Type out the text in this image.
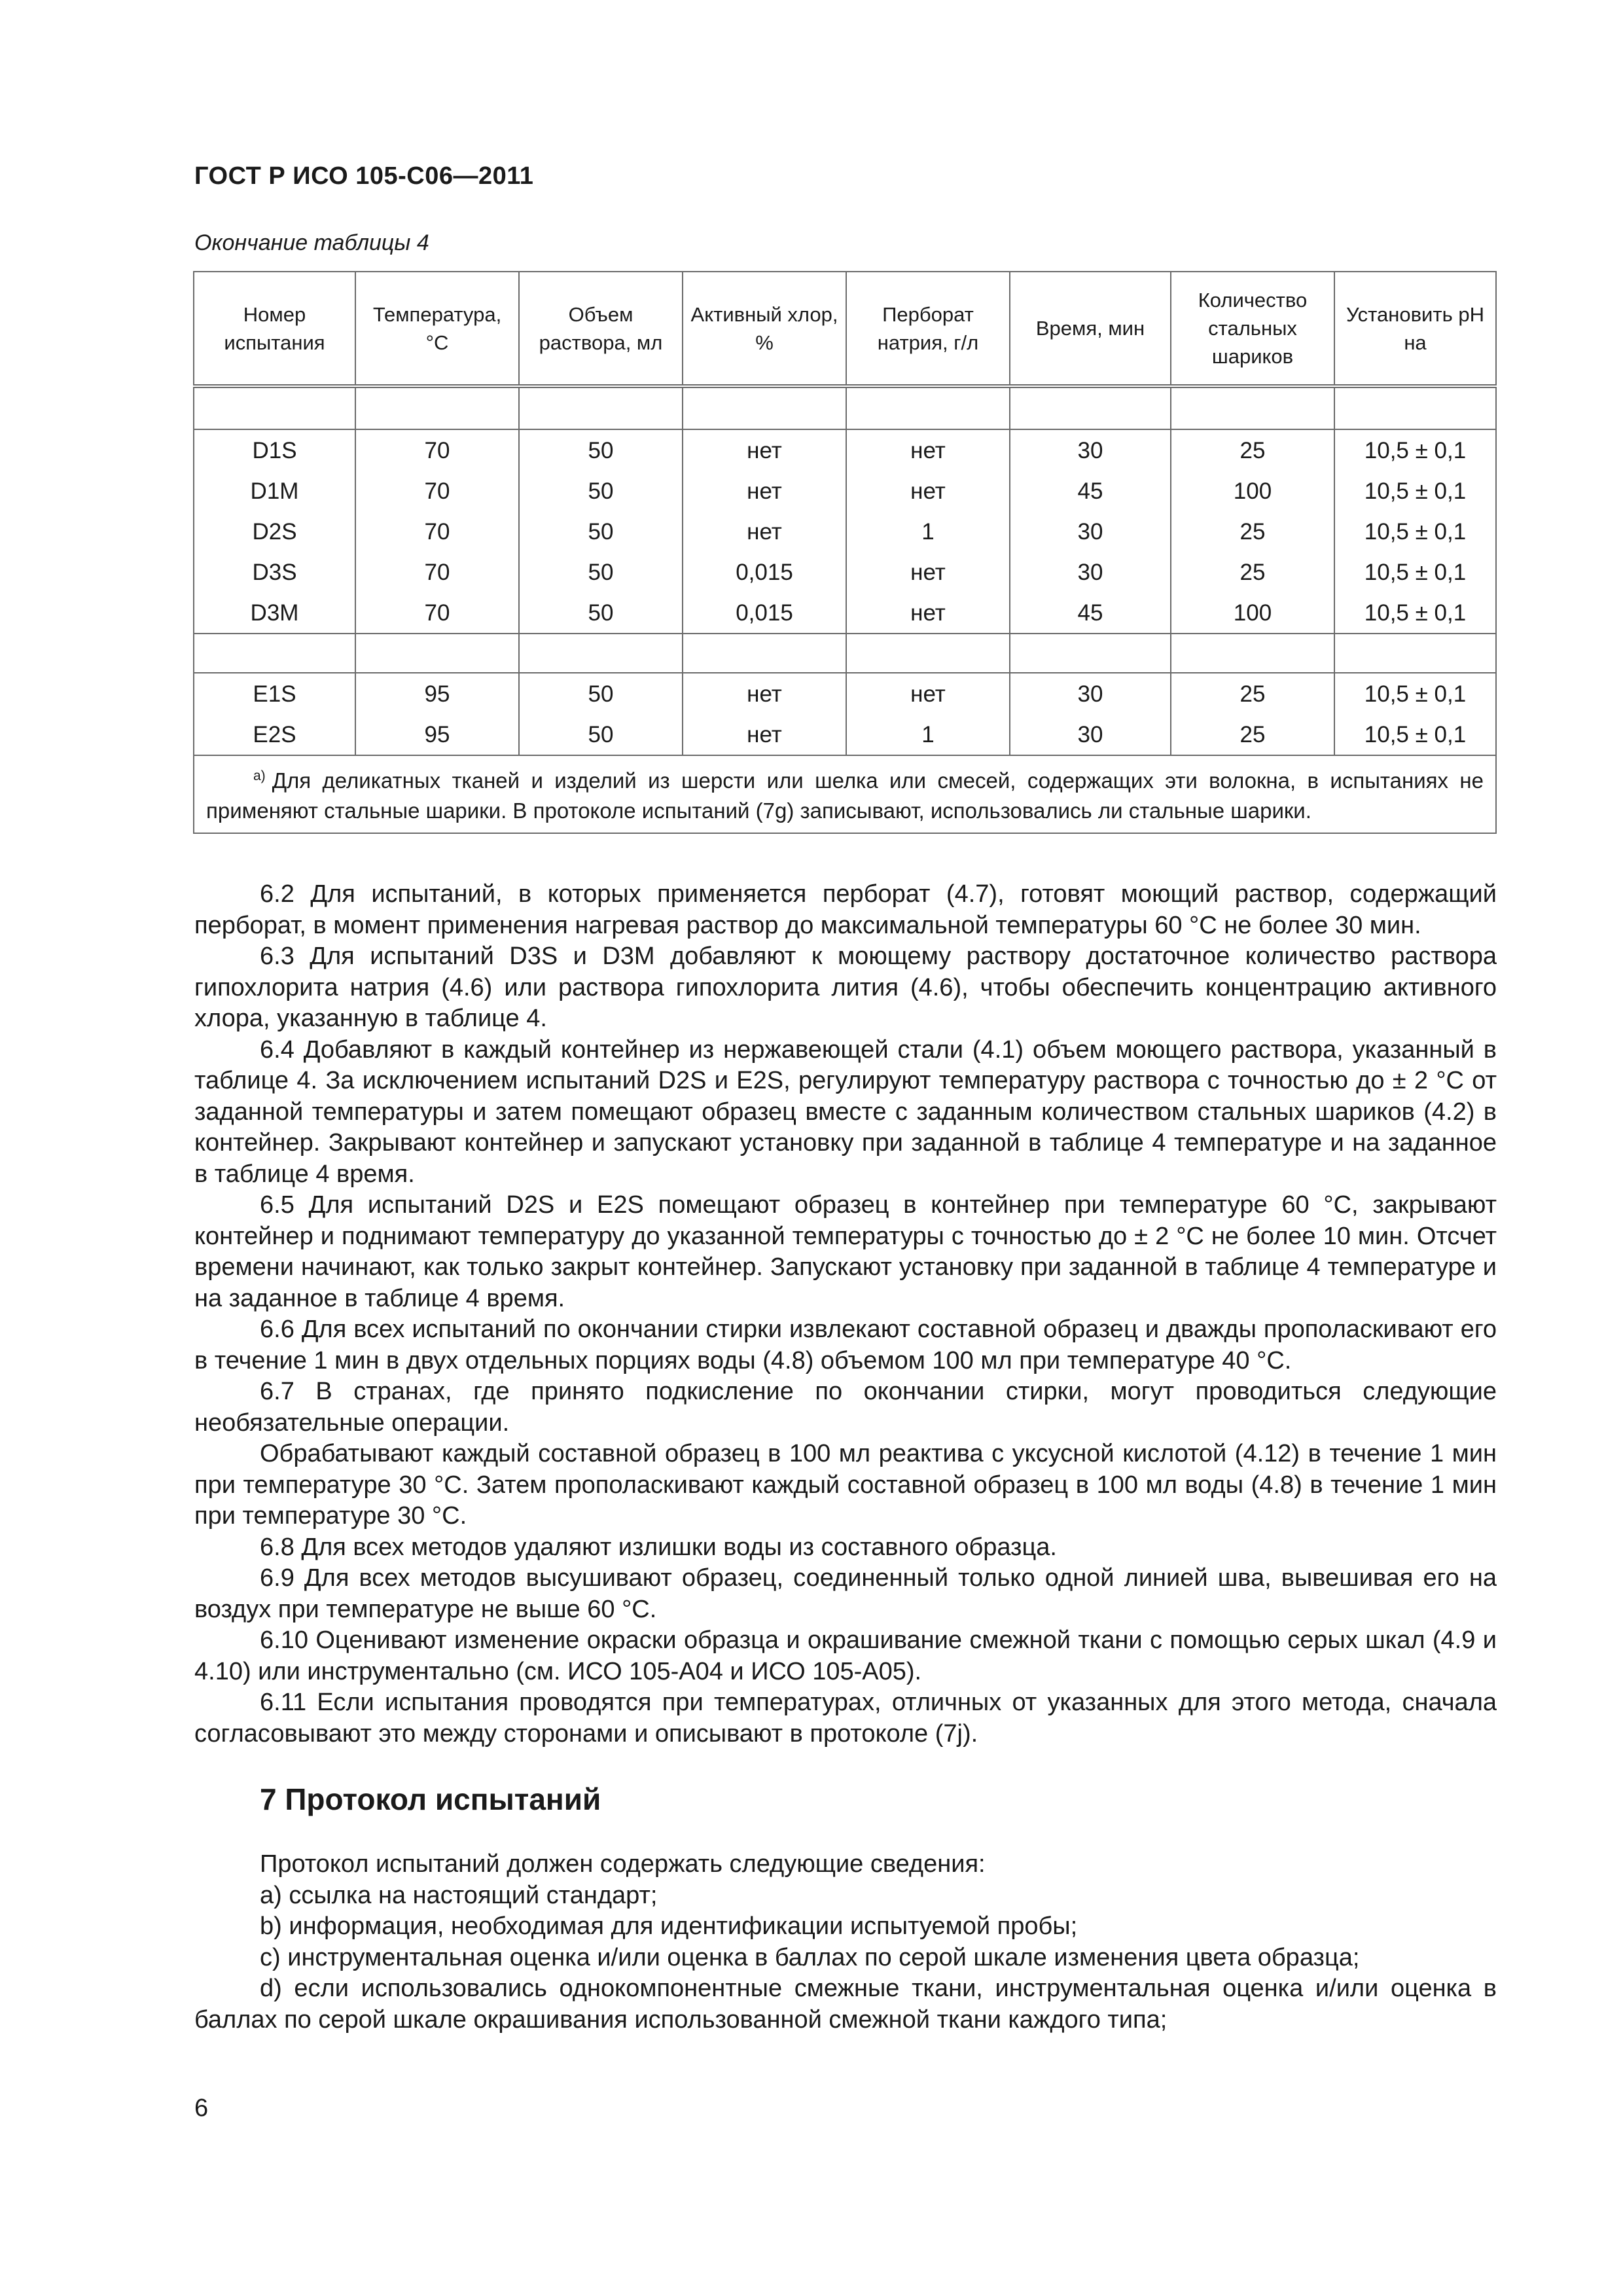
ГОСТ Р ИСО 105-С06—2011
Окончание таблицы 4
Номер испытания	Температура, °С	Объем раствора, мл	Активный хлор, %	Перборат натрия, г/л	Время, мин	Количество стальных шариков	Установить pH на

D1S	70	50	нет	нет	30	25	10,5 ± 0,1
D1M	70	50	нет	нет	45	100	10,5 ± 0,1
D2S	70	50	нет	1	30	25	10,5 ± 0,1
D3S	70	50	0,015	нет	30	25	10,5 ± 0,1
D3M	70	50	0,015	нет	45	100	10,5 ± 0,1

E1S	95	50	нет	нет	30	25	10,5 ± 0,1
E2S	95	50	нет	1	30	25	10,5 ± 0,1
$^{а)}$ Для деликатных тканей и изделий из шерсти или шелка или смесей, содержащих эти волокна, в испытаниях не применяют стальные шарики. В протоколе испытаний (7g) записывают, использовались ли стальные шарики.							

6.2 Для испытаний, в которых применяется перборат (4.7), готовят моющий раствор, содержащий перборат, в момент применения нагревая раствор до максимальной температуры 60 °С не более 30 мин.

6.3 Для испытаний D3S и D3M добавляют к моющему раствору достаточное количество раствора гипохлорита натрия (4.6) или раствора гипохлорита лития (4.6), чтобы обеспечить концентрацию активного хлора, указанную в таблице 4.

6.4 Добавляют в каждый контейнер из нержавеющей стали (4.1) объем моющего раствора, указанный в таблице 4. За исключением испытаний D2S и E2S, регулируют температуру раствора с точностью до ± 2 °С от заданной температуры и затем помещают образец вместе с заданным количеством стальных шариков (4.2) в контейнер. Закрывают контейнер и запускают установку при заданной в таблице 4 температуре и на заданное в таблице 4 время.

6.5 Для испытаний D2S и E2S помещают образец в контейнер при температуре 60 °С, закрывают контейнер и поднимают температуру до указанной температуры с точностью до ± 2 °С не более 10 мин. Отсчет времени начинают, как только закрыт контейнер. Запускают установку при заданной в таблице 4 температуре и на заданное в таблице 4 время.

6.6 Для всех испытаний по окончании стирки извлекают составной образец и дважды прополаскивают его в течение 1 мин в двух отдельных порциях воды (4.8) объемом 100 мл при температуре 40 °С.

6.7 В странах, где принято подкисление по окончании стирки, могут проводиться следующие необязательные операции.

Обрабатывают каждый составной образец в 100 мл реактива с уксусной кислотой (4.12) в течение 1 мин при температуре 30 °С. Затем прополаскивают каждый составной образец в 100 мл воды (4.8) в течение 1 мин при температуре 30 °С.

6.8 Для всех методов удаляют излишки воды из составного образца.

6.9 Для всех методов высушивают образец, соединенный только одной линией шва, вывешивая его на воздух при температуре не выше 60 °С.

6.10 Оценивают изменение окраски образца и окрашивание смежной ткани с помощью серых шкал (4.9 и 4.10) или инструментально (см. ИСО 105-А04 и ИСО 105-А05).

6.11 Если испытания проводятся при температурах, отличных от указанных для этого метода, сначала согласовывают это между сторонами и описывают в протоколе (7j).

7 Протокол испытаний

Протокол испытаний должен содержать следующие сведения:

a) ссылка на настоящий стандарт;

b) информация, необходимая для идентификации испытуемой пробы;

c) инструментальная оценка и/или оценка в баллах по серой шкале изменения цвета образца;

d) если использовались однокомпонентные смежные ткани, инструментальная оценка и/или оценка в баллах по серой шкале окрашивания использованной смежной ткани каждого типа;

6
